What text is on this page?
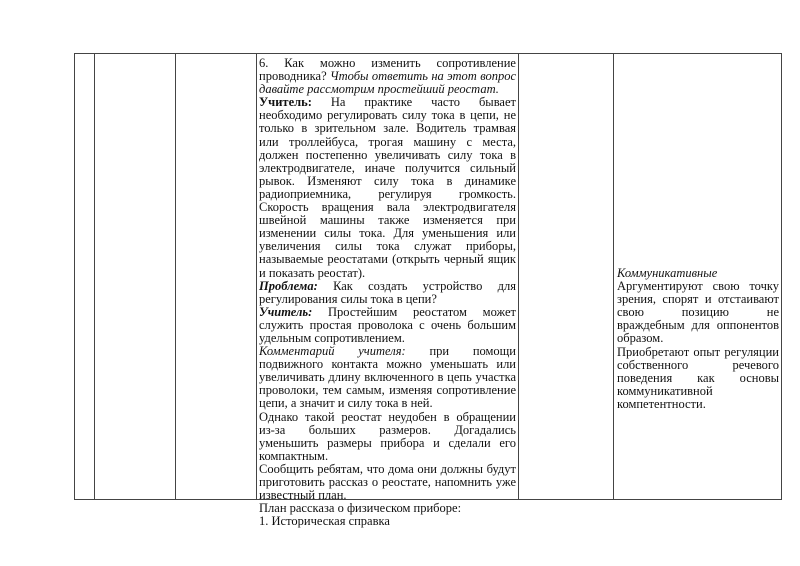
6. Как можно изменить сопротивление проводника? Чтобы ответить на этот вопрос давайте рассмотрим простейший реостат.

Учитель: На практике часто бывает необходимо регулировать силу тока в цепи, не только в зрительном зале. Водитель трамвая или троллейбуса, трогая машину с места, должен постепенно увеличивать силу тока в электродвигателе, иначе получится сильный рывок. Изменяют силу тока в динамике радиоприемника, регулируя громкость. Скорость вращения вала электродвигателя швейной машины также изменяется при изменении силы тока. Для уменьшения или увеличения силы тока служат приборы, называемые реостатами (открыть черный ящик и показать реостат).

Проблема: Как создать устройство для регулирования силы тока в цепи?

Учитель: Простейшим реостатом может служить простая проволока с очень большим удельным сопротивлением.

Комментарий учителя: при помощи подвижного контакта можно уменьшать или увеличивать длину включенного в цепь участка проволоки, тем самым, изменяя сопротивление цепи, а значит и силу тока в ней.

Однако такой реостат неудобен в обращении из-за больших размеров. Догадались уменьшить размеры прибора и сделали его компактным.

Сообщить ребятам, что дома они должны будут приготовить рассказ о реостате, напомнить уже известный план.

План рассказа о физическом приборе:

1. Историческая справка

Коммуникативные

Аргументируют свою точку зрения, спорят и отстаивают свою позицию не враждебным для оппонентов образом.

Приобретают опыт регуляции собственного речевого поведения как основы коммуникативной компетентности.
